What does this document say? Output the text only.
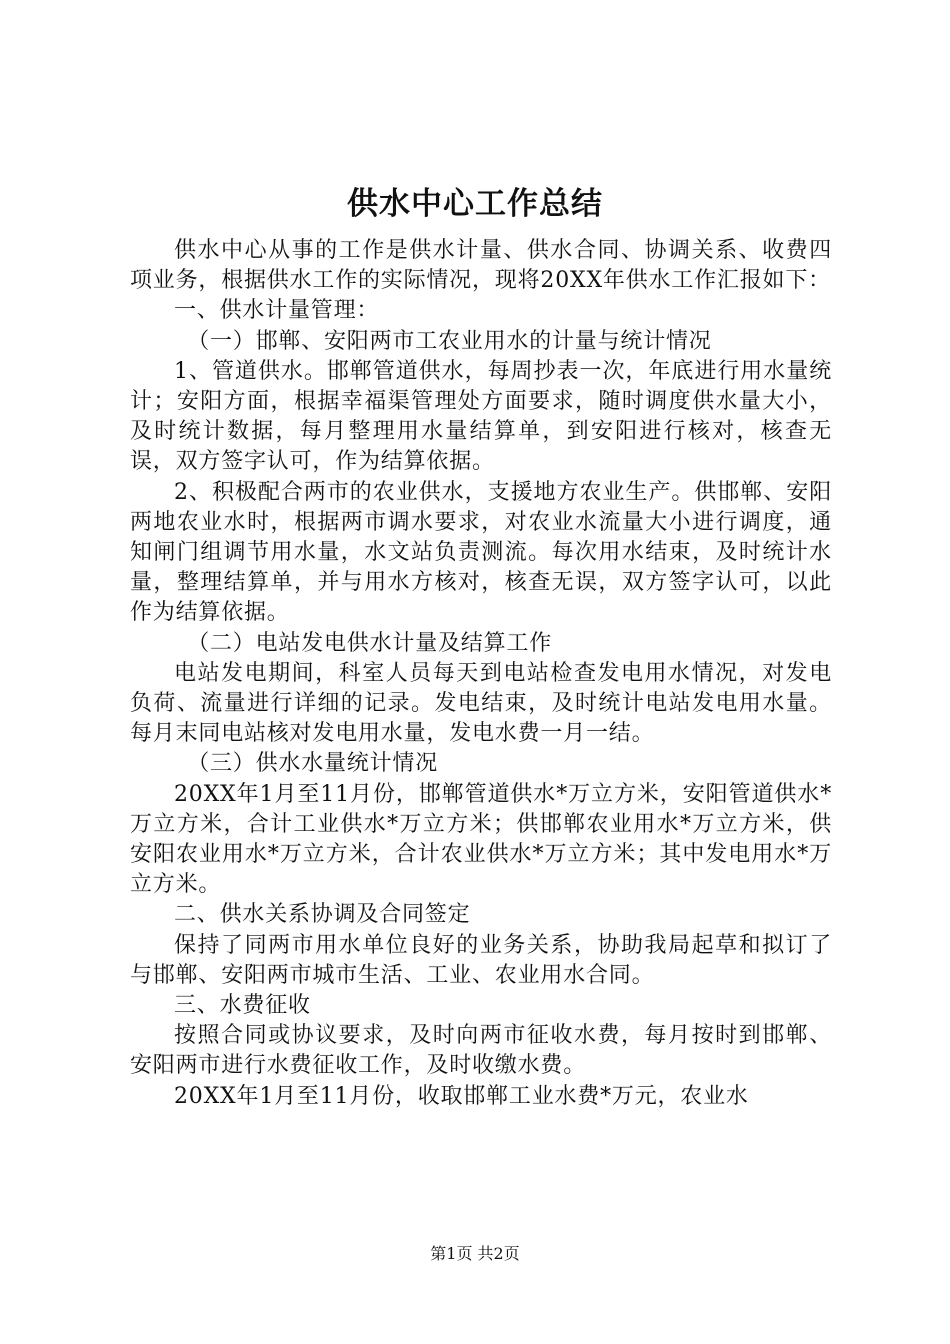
供水中心工作总结

供水中心从事的工作是供水计量、供水合同、协调关系、收费四项业务，根据供水工作的实际情况，现将20XX年供水工作汇报如下：

一、供水计量管理：

（一）邯郸、安阳两市工农业用水的计量与统计情况

1、管道供水。邯郸管道供水，每周抄表一次，年底进行用水量统计；安阳方面，根据幸福渠管理处方面要求，随时调度供水量大小，及时统计数据，每月整理用水量结算单，到安阳进行核对，核查无误，双方签字认可，作为结算依据。

2、积极配合两市的农业供水，支援地方农业生产。供邯郸、安阳两地农业水时，根据两市调水要求，对农业水流量大小进行调度，通知闸门组调节用水量，水文站负责测流。每次用水结束，及时统计水量，整理结算单，并与用水方核对，核查无误，双方签字认可，以此作为结算依据。

（二）电站发电供水计量及结算工作

电站发电期间，科室人员每天到电站检查发电用水情况，对发电负荷、流量进行详细的记录。发电结束，及时统计电站发电用水量。每月末同电站核对发电用水量，发电水费一月一结。

（三）供水水量统计情况

20XX年1月至11月份，邯郸管道供水*万立方米，安阳管道供水*万立方米，合计工业供水*万立方米；供邯郸农业用水*万立方米，供安阳农业用水*万立方米，合计农业供水*万立方米；其中发电用水*万立方米。

二、供水关系协调及合同签定

保持了同两市用水单位良好的业务关系，协助我局起草和拟订了与邯郸、安阳两市城市生活、工业、农业用水合同。

三、水费征收

按照合同或协议要求，及时向两市征收水费，每月按时到邯郸、安阳两市进行水费征收工作，及时收缴水费。

20XX年1月至11月份，收取邯郸工业水费*万元，农业水

第1页 共2页
